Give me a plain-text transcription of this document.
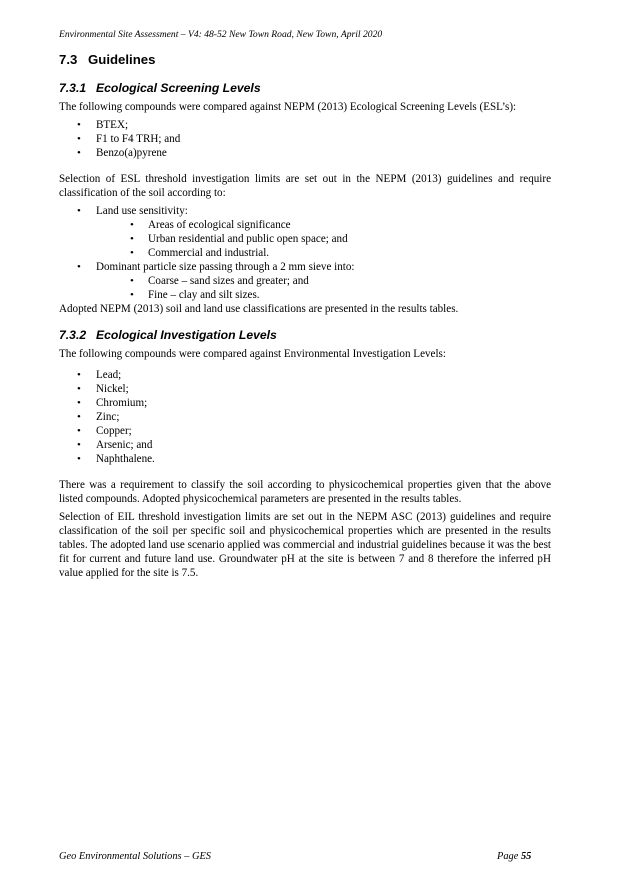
Environmental Site Assessment – V4: 48-52 New Town Road, New Town, April 2020
7.3 Guidelines
7.3.1 Ecological Screening Levels

The following compounds were compared against NEPM (2013) Ecological Screening Levels (ESL’s):

• BTEX;
• F1 to F4 TRH; and
• Benzo(a)pyrene

Selection of ESL threshold investigation limits are set out in the NEPM (2013) guidelines and require classification of the soil according to:

• Land use sensitivity:
• Areas of ecological significance
• Urban residential and public open space; and
• Commercial and industrial.
• Dominant particle size passing through a 2 mm sieve into:
• Coarse – sand sizes and greater; and
• Fine – clay and silt sizes.

Adopted NEPM (2013) soil and land use classifications are presented in the results tables.

7.3.2 Ecological Investigation Levels

The following compounds were compared against Environmental Investigation Levels:

• Lead;
• Nickel;
• Chromium;
• Zinc;
• Copper;
• Arsenic; and
• Naphthalene.

There was a requirement to classify the soil according to physicochemical properties given that the above listed compounds. Adopted physicochemical parameters are presented in the results tables.

Selection of EIL threshold investigation limits are set out in the NEPM ASC (2013) guidelines and require classification of the soil per specific soil and physicochemical properties which are presented in the results tables. The adopted land use scenario applied was commercial and industrial guidelines because it was the best fit for current and future land use. Groundwater pH at the site is between 7 and 8 therefore the inferred pH value applied for the site is 7.5.

Geo Environmental Solutions – GES	Page 55
